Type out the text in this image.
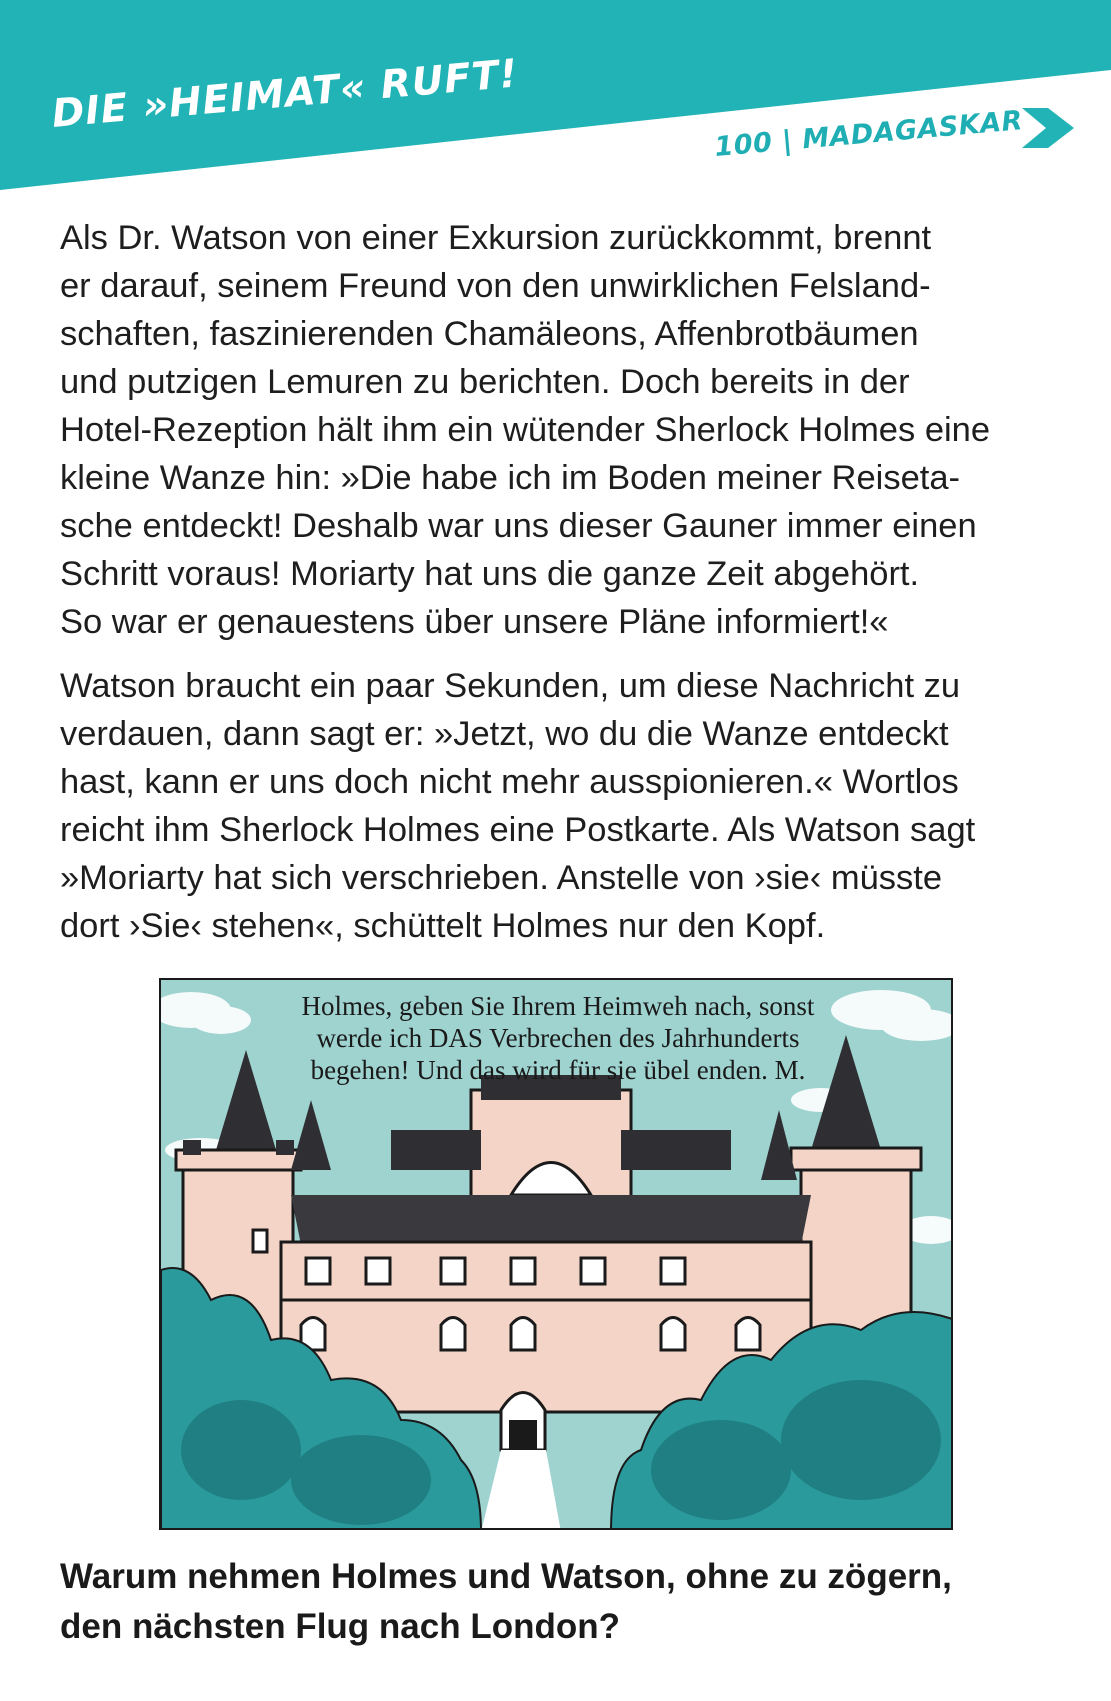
DIE »HEIMAT« RUFT!	100 | MADAGASKAR
Als Dr. Watson von einer Exkursion zurückkommt, brennt
er darauf, seinem Freund von den unwirklichen Felsland-
schaften, faszinierenden Chamäleons, Affenbrotbäumen
und putzigen Lemuren zu berichten. Doch bereits in der
Hotel-Rezeption hält ihm ein wütender Sherlock Holmes eine
kleine Wanze hin: »Die habe ich im Boden meiner Reiseta-
sche entdeckt! Deshalb war uns dieser Gauner immer einen
Schritt voraus! Moriarty hat uns die ganze Zeit abgehört.
So war er genauestens über unsere Pläne informiert!«
Watson braucht ein paar Sekunden, um diese Nachricht zu
verdauen, dann sagt er: »Jetzt, wo du die Wanze entdeckt
hast, kann er uns doch nicht mehr ausspionieren.« Wortlos
reicht ihm Sherlock Holmes eine Postkarte. Als Watson sagt
»Moriarty hat sich verschrieben. Anstelle von ›sie‹ müsste
dort ›Sie‹ stehen«, schüttelt Holmes nur den Kopf.
Holmes, geben Sie Ihrem Heimweh nach, sonst
werde ich DAS Verbrechen des Jahrhunderts
begehen! Und das wird für sie übel enden. M.
Warum nehmen Holmes und Watson, ohne zu zögern,
den nächsten Flug nach London?
